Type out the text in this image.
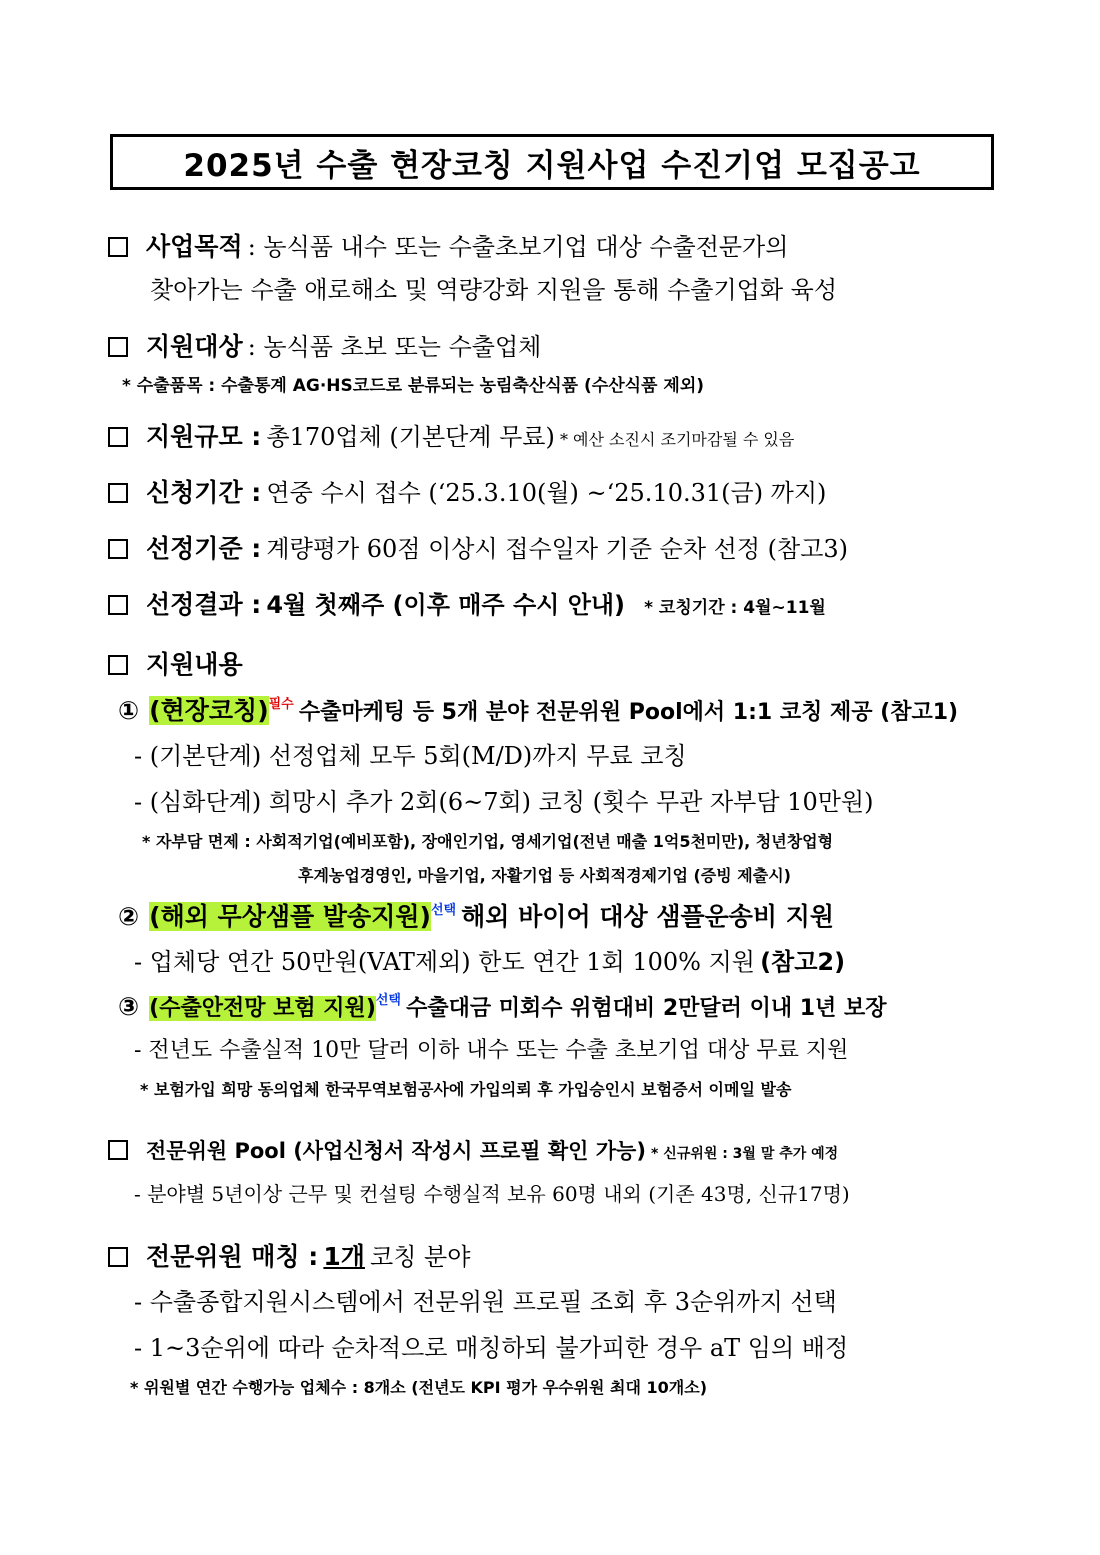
2025년 수출 현장코칭 지원사업 수진기업 모집공고
사업목적 : 농식품 내수 또는 수출초보기업 대상 수출전문가의
찾아가는 수출 애로해소 및 역량강화 지원을 통해 수출기업화 육성
지원대상 : 농식품 초보 또는 수출업체
* 수출품목 : 수출통계 AG·HS코드로 분류되는 농림축산식품 (수산식품 제외)
지원규모 : 총170업체 (기본단계 무료) * 예산 소진시 조기마감될 수 있음
신청기간 : 연중 수시 접수 (‘25.3.10(월) ~‘25.10.31(금) 까지)
선정기준 : 계량평가 60점 이상시 접수일자 기준 순차 선정 (참고3)
선정결과 : 4월 첫째주 (이후 매주 수시 안내) * 코칭기간 : 4월~11월
지원내용
① (현장코칭)$^{필수}$ 수출마케팅 등 5개 분야 전문위원 Pool에서 1:1 코칭 제공 (참고1)
- (기본단계) 선정업체 모두 5회(M/D)까지 무료 코칭
- (심화단계) 희망시 추가 2회(6~7회) 코칭 (횟수 무관 자부담 10만원)
* 자부담 면제 : 사회적기업(예비포함), 장애인기업, 영세기업(전년 매출 1억5천미만), 청년창업형
후계농업경영인, 마을기업, 자활기업 등 사회적경제기업 (증빙 제출시)
② (해외 무상샘플 발송지원)$^{선택}$ 해외 바이어 대상 샘플운송비 지원
- 업체당 연간 50만원(VAT제외) 한도 연간 1회 100% 지원 (참고2)
③ (수출안전망 보험 지원)$^{선택}$ 수출대금 미회수 위험대비 2만달러 이내 1년 보장
- 전년도 수출실적 10만 달러 이하 내수 또는 수출 초보기업 대상 무료 지원
* 보험가입 희망 동의업체 한국무역보험공사에 가입의뢰 후 가입승인시 보험증서 이메일 발송
전문위원 Pool (사업신청서 작성시 프로필 확인 가능) * 신규위원 : 3월 말 추가 예정
- 분야별 5년이상 근무 및 컨설팅 수행실적 보유 60명 내외 (기존 43명, 신규17명)
전문위원 매칭 : 1개 코칭 분야
- 수출종합지원시스템에서 전문위원 프로필 조회 후 3순위까지 선택
- 1~3순위에 따라 순차적으로 매칭하되 불가피한 경우 aT 임의 배정
* 위원별 연간 수행가능 업체수 : 8개소 (전년도 KPI 평가 우수위원 최대 10개소)
